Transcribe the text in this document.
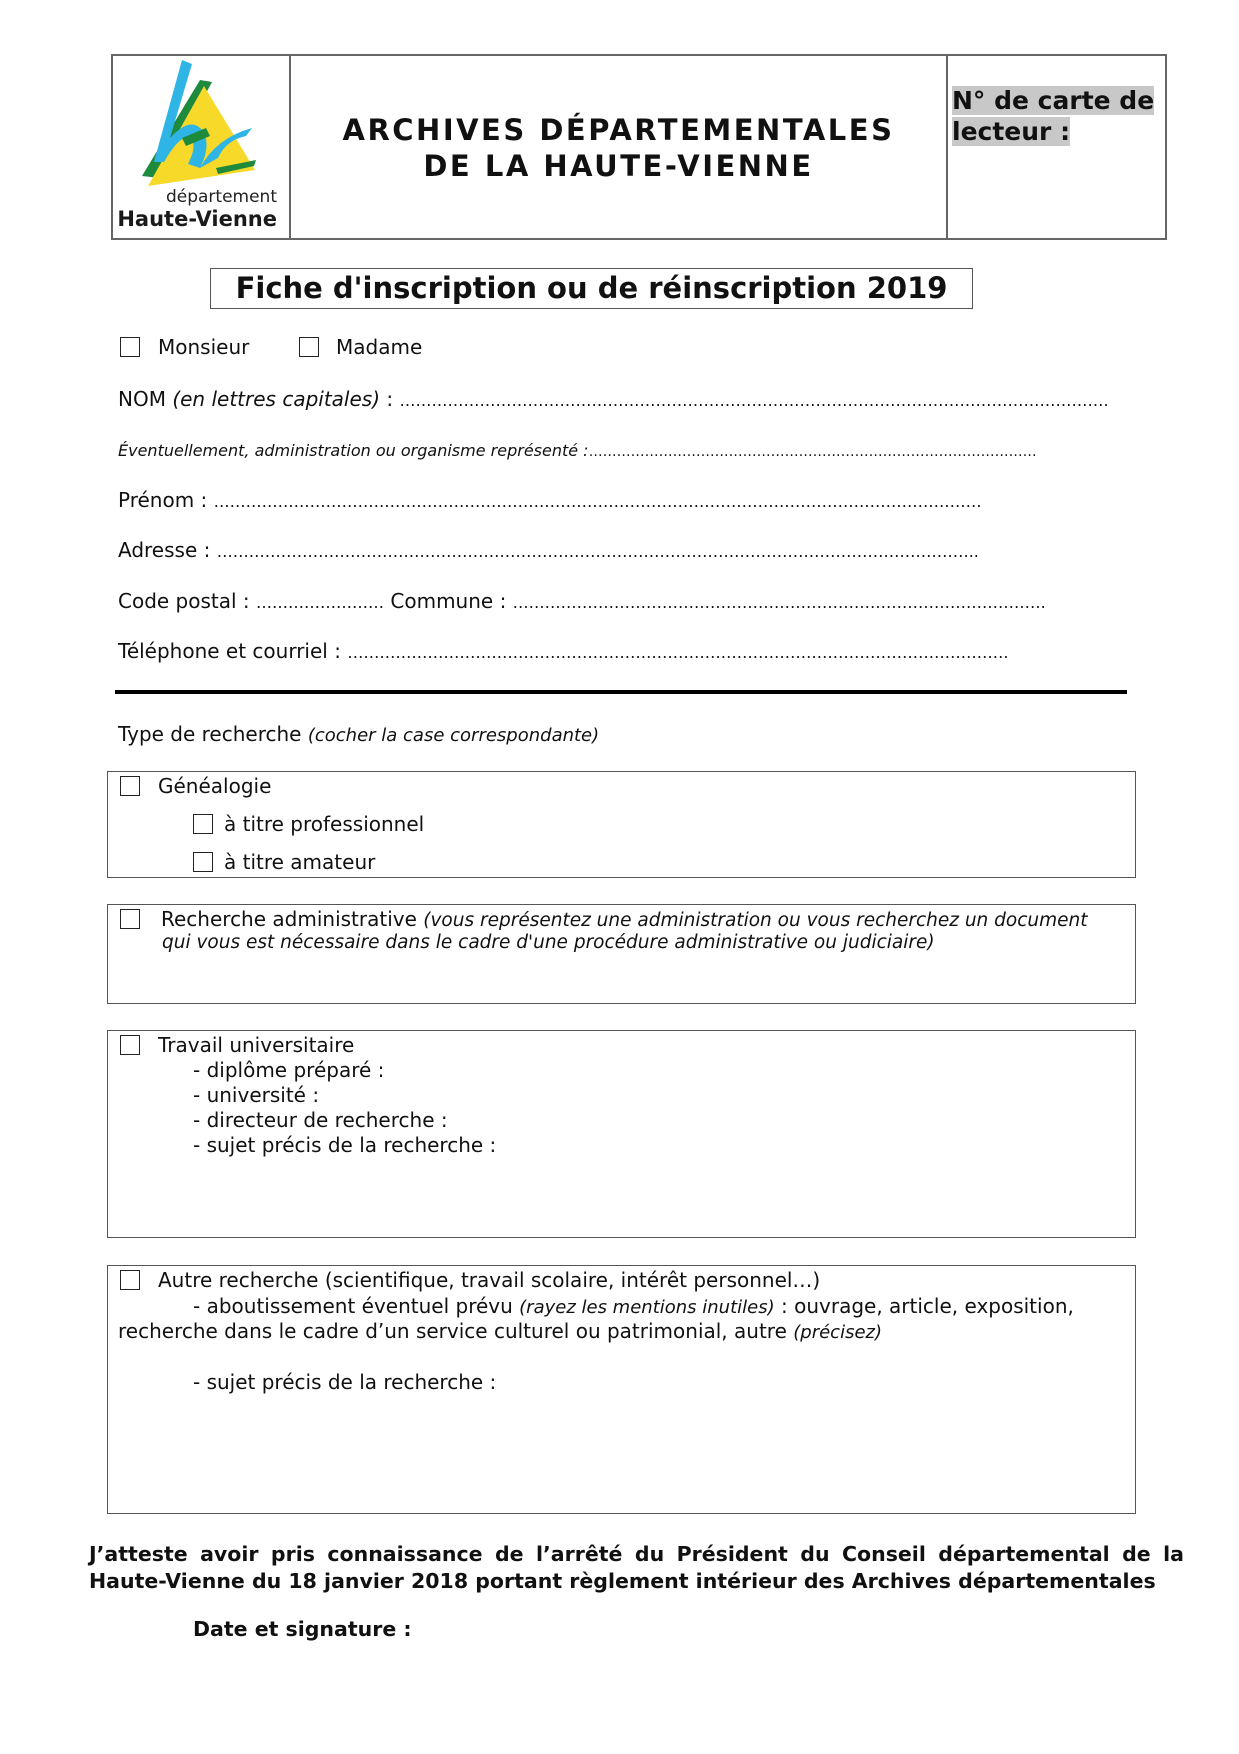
département
Haute-Vienne
ARCHIVES DÉPARTEMENTALES
DE LA HAUTE-VIENNE
N° de carte de
lecteur :
Fiche d'inscription ou de réinscription 2019
Monsieur	Madame
NOM (en lettres capitales) : …………………………………………………………………………………………………………………….
Éventuellement, administration ou organisme représenté :……………………………………………………………………………………
Prénom : ………………………………………………………………………………………………………………………………
Adresse : ……………………………………………………………………………………………………………………………..
Code postal : …………………… Commune : ……………………………………………………………………………………….
Téléphone et courriel : …………………………………………………………………………………………………………….
Type de recherche (cocher la case correspondante)
Généalogie
à titre professionnel
à titre amateur
Recherche administrative (vous représentez une administration ou vous recherchez un document
qui vous est nécessaire dans le cadre d'une procédure administrative ou judiciaire)
Travail universitaire
- diplôme préparé :
- université :
- directeur de recherche :
- sujet précis de la recherche :
Autre recherche (scientifique, travail scolaire, intérêt personnel…)
- aboutissement éventuel prévu (rayez les mentions inutiles) : ouvrage, article, exposition,
recherche dans le cadre d’un service culturel ou patrimonial, autre (précisez)
- sujet précis de la recherche :
J’atteste avoir pris connaissance de l’arrêté du Président du Conseil départemental de la
Haute-Vienne du 18 janvier 2018 portant règlement intérieur des Archives départementales
Date et signature :
